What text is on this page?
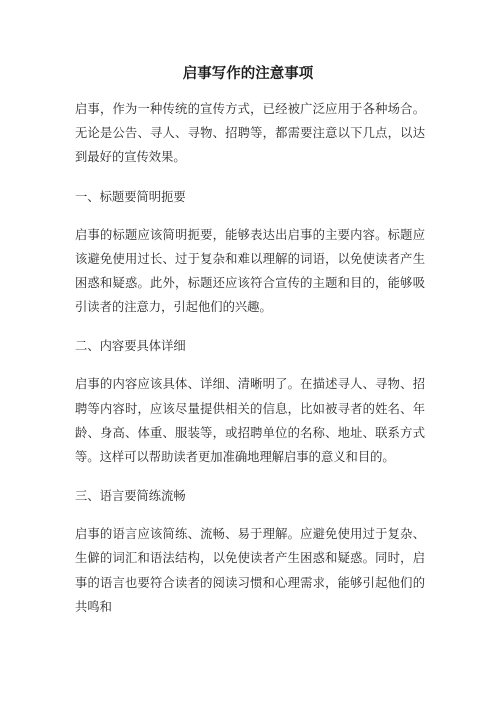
启事写作的注意事项

启事，作为一种传统的宣传方式，已经被广泛应用于各种场合。无论是公告、寻人、寻物、招聘等，都需要注意以下几点，以达到最好的宣传效果。

一、标题要简明扼要

启事的标题应该简明扼要，能够表达出启事的主要内容。标题应该避免使用过长、过于复杂和难以理解的词语，以免使读者产生困惑和疑惑。此外，标题还应该符合宣传的主题和目的，能够吸引读者的注意力，引起他们的兴趣。

二、内容要具体详细

启事的内容应该具体、详细、清晰明了。在描述寻人、寻物、招聘等内容时，应该尽量提供相关的信息，比如被寻者的姓名、年龄、身高、体重、服装等，或招聘单位的名称、地址、联系方式等。这样可以帮助读者更加准确地理解启事的意义和目的。

三、语言要简练流畅

启事的语言应该简练、流畅、易于理解。应避免使用过于复杂、生僻的词汇和语法结构，以免使读者产生困惑和疑惑。同时，启事的语言也要符合读者的阅读习惯和心理需求，能够引起他们的共鸣和
